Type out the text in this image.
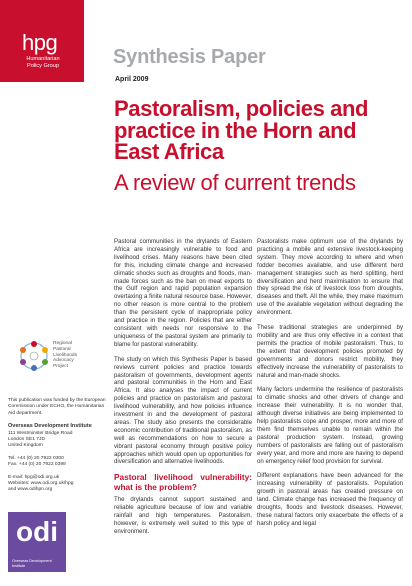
hpg
Humanitarian
Policy Group	Synthesis Paper
April 2009
Pastoralism, policies and practice in the Horn and East Africa
A review of current trends
Regional
Pastoral
Livelihoods
Advocacy
Project

This publication was funded by the European Commission under ECHO, the Humanitarian Aid department.

Overseas Development Institute
111 Westminster Bridge Road
London SE1 7JD
United Kingdom

Tel. +44 (0) 20 7922 0300
Fax. +44 (0) 20 7922 0399

E-mail: hpg@odi.org.uk
Websites: www.odi.org.uk/hpg
and www.odihpn.org

odi
Overseas Development
Institute

Pastoral communities in the drylands of Eastern Africa are increasingly vulnerable to food and livelihood crises. Many reasons have been cited for this, including climate change and increased climatic shocks such as droughts and floods, man-made forces such as the ban on meat exports to the Gulf region and rapid population expansion overtaxing a finite natural resource base. However, no other reason is more central to the problem than the persistent cycle of inappropriate policy and practice in the region. Policies that are either consistent with needs nor responsive to the uniqueness of the pastoral system are primarily to blame for pastoral vulnerability.

The study on which this Synthesis Paper is based reviews current policies and practice towards pastoralism of governments, development agents and pastoral communities in the Horn and East Africa. It also analyses the impact of current policies and practice on pastoralism and pastoral livelihood vulnerability, and how policies influence investment in and the development of pastoral areas. The study also presents the considerable economic contribution of traditional pastoralism, as well as recommendations on how to secure a vibrant pastoral economy through positive policy approaches which would open up opportunities for diversification and alternative livelihoods.

Pastoral livelihood vulnerability: what is the problem?

The drylands cannot support sustained and reliable agriculture because of low and variable rainfall and high temperatures. Pastoralism, however, is extremely well suited to this type of environment.

Pastoralists make optimum use of the drylands by practicing a mobile and extensive livestock-keeping system. They move according to where and when fodder becomes available, and use different herd management strategies such as herd splitting, herd diversification and herd maximisation to ensure that they spread the risk of livestock loss from droughts, diseases and theft. All the while, they make maximum use of the available vegetation without degrading the environment.

These traditional strategies are underpinned by mobility and are thus only effective in a context that permits the practice of mobile pastoralism. Thus, to the extent that development policies promoted by governments and donors restrict mobility, they effectively increase the vulnerability of pastoralists to natural and man-made shocks.

Many factors undermine the resilience of pastoralists to climatic shocks and other drivers of change and increase their vulnerability. It is no wonder that, although diverse initiatives are being implemented to help pastoralists cope and prosper, more and more of them find themselves unable to remain within the pastoral production system. Instead, growing numbers of pastoralists are falling out of pastoralism every year, and more and more are having to depend on emergency relief food provision for survival.

Different explanations have been advanced for the increasing vulnerability of pastoralists. Population growth in pastoral areas has created pressure on land. Climate change has increased the frequency of droughts, floods and livestock diseases. However, these natural factors only exacerbate the effects of a harsh policy and legal
